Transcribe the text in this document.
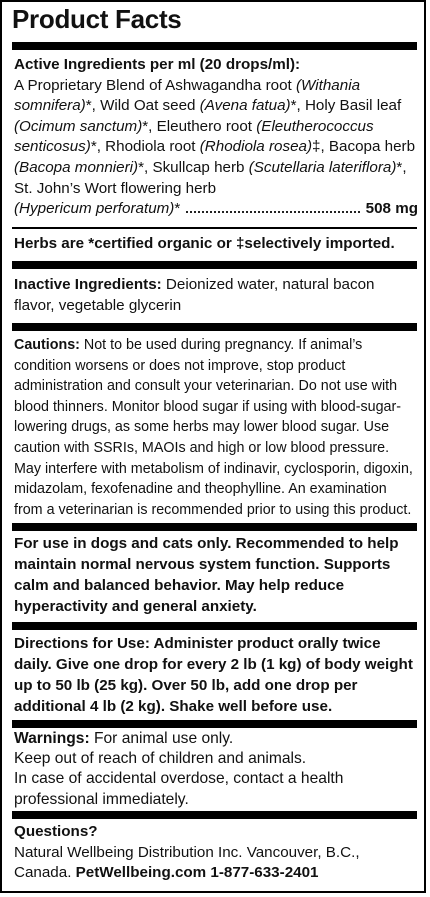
Product Facts
Active Ingredients per ml (20 drops/ml):
A Proprietary Blend of Ashwagandha root (Withania somnifera)*, Wild Oat seed (Avena fatua)*, Holy Basil leaf (Ocimum sanctum)*, Eleuthero root (Eleutherococcus senticosus)*, Rhodiola root (Rhodiola rosea)‡, Bacopa herb (Bacopa monnieri)*, Skullcap herb (Scutellaria lateriflora)*, St. John’s Wort flowering herb
(Hypericum perforatum) *	508 mg
Herbs are *certified organic or ‡selectively imported.
Inactive Ingredients: Deionized water, natural bacon flavor, vegetable glycerin
Cautions: Not to be used during pregnancy. If animal’s condition worsens or does not improve, stop product administration and consult your veterinarian. Do not use with blood thinners. Monitor blood sugar if using with blood-sugar- lowering drugs, as some herbs may lower blood sugar. Use caution with SSRIs, MAOIs and high or low blood pressure. May interfere with metabolism of indinavir, cyclosporin, digoxin, midazolam, fexofenadine and theophylline. An examination from a veterinarian is recommended prior to using this product.
For use in dogs and cats only. Recommended to help maintain normal nervous system function. Supports calm and balanced behavior. May help reduce hyperactivity and general anxiety.
Directions for Use: Administer product orally twice daily. Give one drop for every 2 lb (1 kg) of body weight up to 50 lb (25 kg). Over 50 lb, add one drop per additional 4 lb (2 kg). Shake well before use.
Warnings: For animal use only.
Keep out of reach of children and animals.
In case of accidental overdose, contact a health professional immediately.
Questions?
Natural Wellbeing Distribution Inc. Vancouver, B.C.,
Canada. PetWellbeing.com 1-877-633-2401
